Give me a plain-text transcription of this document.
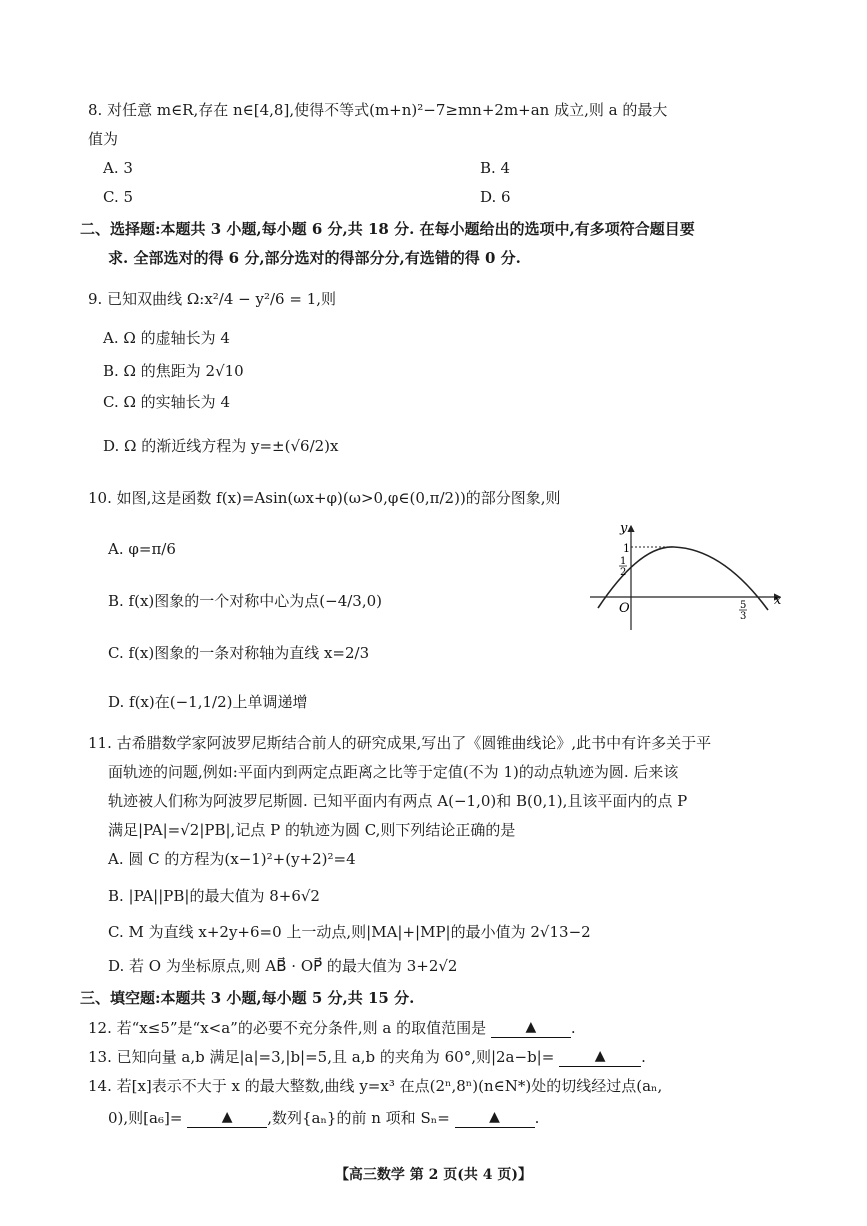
8. 对任意 m∈R,存在 n∈[4,8],使得不等式(m+n)²−7≥mn+2m+an 成立,则 a 的最大
值为
A. 3	B. 4
C. 5	D. 6
二、选择题:本题共 3 小题,每小题 6 分,共 18 分. 在每小题给出的选项中,有多项符合题目要
求. 全部选对的得 6 分,部分选对的得部分分,有选错的得 0 分.
9. 已知双曲线 Ω:x²/4 − y²/6 = 1,则
A. Ω 的虚轴长为 4
B. Ω 的焦距为 2√10
C. Ω 的实轴长为 4
D. Ω 的渐近线方程为 y=±(√6/2)x
10. 如图,这是函数 f(x)=Asin(ωx+φ)(ω>0,φ∈(0,π/2))的部分图象,则
A. φ=π/6
B. f(x)图象的一个对称中心为点(−4/3,0)
C. f(x)图象的一条对称轴为直线 x=2/3
D. f(x)在(−1,1/2)上单调递增
y
x
O
1
1
2
5
3
11. 古希腊数学家阿波罗尼斯结合前人的研究成果,写出了《圆锥曲线论》,此书中有许多关于平
面轨迹的问题,例如:平面内到两定点距离之比等于定值(不为 1)的动点轨迹为圆. 后来该
轨迹被人们称为阿波罗尼斯圆. 已知平面内有两点 A(−1,0)和 B(0,1),且该平面内的点 P
满足|PA|=√2|PB|,记点 P 的轨迹为圆 C,则下列结论正确的是
A. 圆 C 的方程为(x−1)²+(y+2)²=4
B. |PA||PB|的最大值为 8+6√2
C. M 为直线 x+2y+6=0 上一动点,则|MA|+|MP|的最小值为 2√13−2
D. 若 O 为坐标原点,则 AB⃗ · OP⃗ 的最大值为 3+2√2
三、填空题:本题共 3 小题,每小题 5 分,共 15 分.
12. 若“x≤5”是“x<a”的必要不充分条件,则 a 的取值范围是	▲ .
13. 已知向量 a,b 满足|a|=3,|b|=5,且 a,b 的夹角为 60°,则|2a−b|=	▲ .
14. 若[x]表示不大于 x 的最大整数,曲线 y=x³ 在点(2ⁿ,8ⁿ)(n∈N*)处的切线经过点(aₙ,
0),则[a₆]=	▲ ,数列{aₙ}的前 n 项和 Sₙ=	▲ .
【高三数学 第 2 页(共 4 页)】
